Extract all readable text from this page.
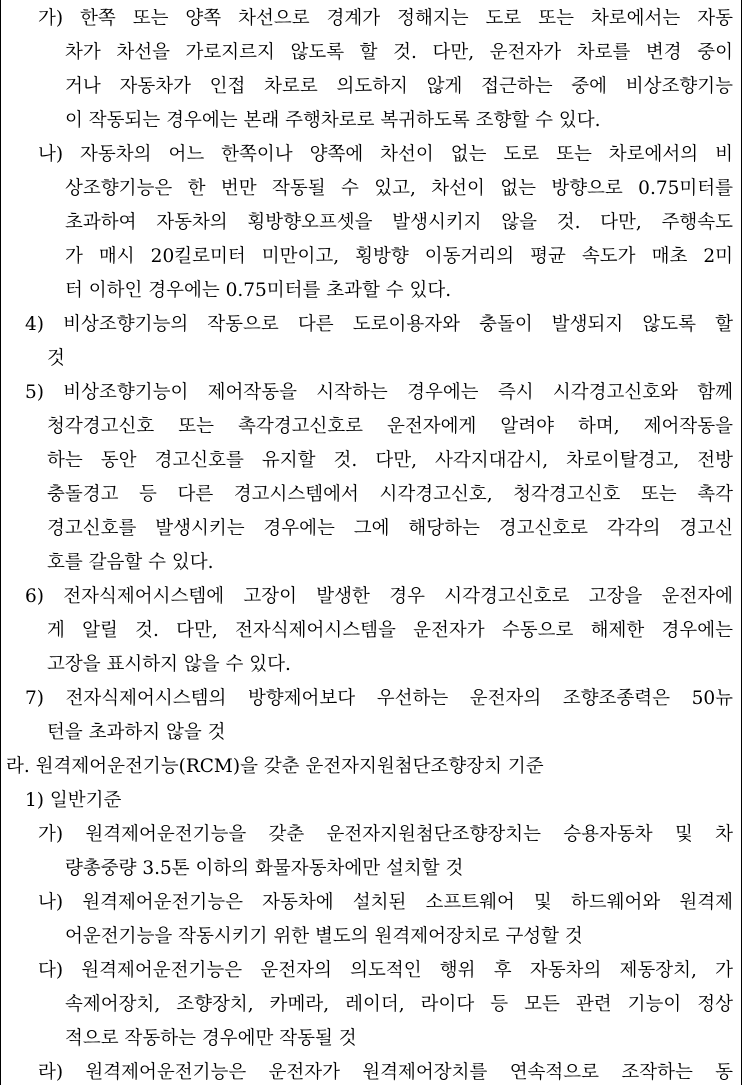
가) 한쪽 또는 양쪽 차선으로 경계가 정해지는 도로 또는 차로에서는 자동
차가 차선을 가로지르지 않도록 할 것. 다만, 운전자가 차로를 변경 중이
거나 자동차가 인접 차로로 의도하지 않게 접근하는 중에 비상조향기능
이 작동되는 경우에는 본래 주행차로로 복귀하도록 조향할 수 있다.
나) 자동차의 어느 한쪽이나 양쪽에 차선이 없는 도로 또는 차로에서의 비
상조향기능은 한 번만 작동될 수 있고, 차선이 없는 방향으로 0.75미터를
초과하여 자동차의 횡방향오프셋을 발생시키지 않을 것. 다만, 주행속도
가 매시 20킬로미터 미만이고, 횡방향 이동거리의 평균 속도가 매초 2미
터 이하인 경우에는 0.75미터를 초과할 수 있다.
4) 비상조향기능의 작동으로 다른 도로이용자와 충돌이 발생되지 않도록 할
것
5) 비상조향기능이 제어작동을 시작하는 경우에는 즉시 시각경고신호와 함께
청각경고신호 또는 촉각경고신호로 운전자에게 알려야 하며, 제어작동을
하는 동안 경고신호를 유지할 것. 다만, 사각지대감시, 차로이탈경고, 전방
충돌경고 등 다른 경고시스템에서 시각경고신호, 청각경고신호 또는 촉각
경고신호를 발생시키는 경우에는 그에 해당하는 경고신호로 각각의 경고신
호를 갈음할 수 있다.
6) 전자식제어시스템에 고장이 발생한 경우 시각경고신호로 고장을 운전자에
게 알릴 것. 다만, 전자식제어시스템을 운전자가 수동으로 해제한 경우에는
고장을 표시하지 않을 수 있다.
7) 전자식제어시스템의 방향제어보다 우선하는 운전자의 조향조종력은 50뉴
턴을 초과하지 않을 것
라. 원격제어운전기능(RCM)을 갖춘 운전자지원첨단조향장치 기준
1) 일반기준
가) 원격제어운전기능을 갖춘 운전자지원첨단조향장치는 승용자동차 및 차
량총중량 3.5톤 이하의 화물자동차에만 설치할 것
나) 원격제어운전기능은 자동차에 설치된 소프트웨어 및 하드웨어와 원격제
어운전기능을 작동시키기 위한 별도의 원격제어장치로 구성할 것
다) 원격제어운전기능은 운전자의 의도적인 행위 후 자동차의 제동장치, 가
속제어장치, 조향장치, 카메라, 레이더, 라이다 등 모든 관련 기능이 정상
적으로 작동하는 경우에만 작동될 것
라) 원격제어운전기능은 운전자가 원격제어장치를 연속적으로 조작하는 동
